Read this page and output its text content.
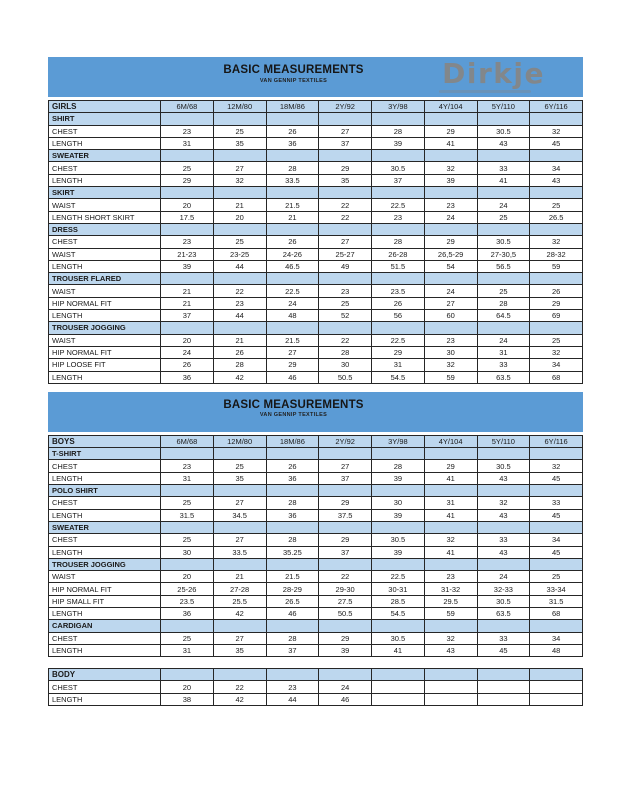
BASIC MEASUREMENTS
VAN GENNIP TEXTILES	Dirkje
GIRLS	6M/68	12M/80	18M/86	2Y/92	3Y/98	4Y/104	5Y/110	6Y/116
SHIRT								
CHEST	23	25	26	27	28	29	30.5	32
LENGTH	31	35	36	37	39	41	43	45
SWEATER								
CHEST	25	27	28	29	30.5	32	33	34
LENGTH	29	32	33.5	35	37	39	41	43
SKIRT								
WAIST	20	21	21.5	22	22.5	23	24	25
LENGTH SHORT SKIRT	17.5	20	21	22	23	24	25	26.5
DRESS								
CHEST	23	25	26	27	28	29	30.5	32
WAIST	21-23	23-25	24-26	25-27	26-28	26,5-29	27-30,5	28-32
LENGTH	39	44	46.5	49	51.5	54	56.5	59
TROUSER FLARED								
WAIST	21	22	22.5	23	23.5	24	25	26
HIP NORMAL FIT	21	23	24	25	26	27	28	29
LENGTH	37	44	48	52	56	60	64.5	69
TROUSER JOGGING								
WAIST	20	21	21.5	22	22.5	23	24	25
HIP NORMAL FIT	24	26	27	28	29	30	31	32
HIP LOOSE FIT	26	28	29	30	31	32	33	34
LENGTH	36	42	46	50.5	54.5	59	63.5	68
BASIC MEASUREMENTS
VAN GENNIP TEXTILES
BOYS	6M/68	12M/80	18M/86	2Y/92	3Y/98	4Y/104	5Y/110	6Y/116
T-SHIRT								
CHEST	23	25	26	27	28	29	30.5	32
LENGTH	31	35	36	37	39	41	43	45
POLO SHIRT								
CHEST	25	27	28	29	30	31	32	33
LENGTH	31.5	34.5	36	37.5	39	41	43	45
SWEATER								
CHEST	25	27	28	29	30.5	32	33	34
LENGTH	30	33.5	35.25	37	39	41	43	45
TROUSER JOGGING								
WAIST	20	21	21.5	22	22.5	23	24	25
HIP NORMAL FIT	25-26	27-28	28-29	29-30	30-31	31-32	32-33	33-34
HIP SMALL FIT	23.5	25.5	26.5	27.5	28.5	29.5	30.5	31.5
LENGTH	36	42	46	50.5	54.5	59	63.5	68
CARDIGAN								
CHEST	25	27	28	29	30.5	32	33	34
LENGTH	31	35	37	39	41	43	45	48
BODY								
CHEST	20	22	23	24				
LENGTH	38	42	44	46				
